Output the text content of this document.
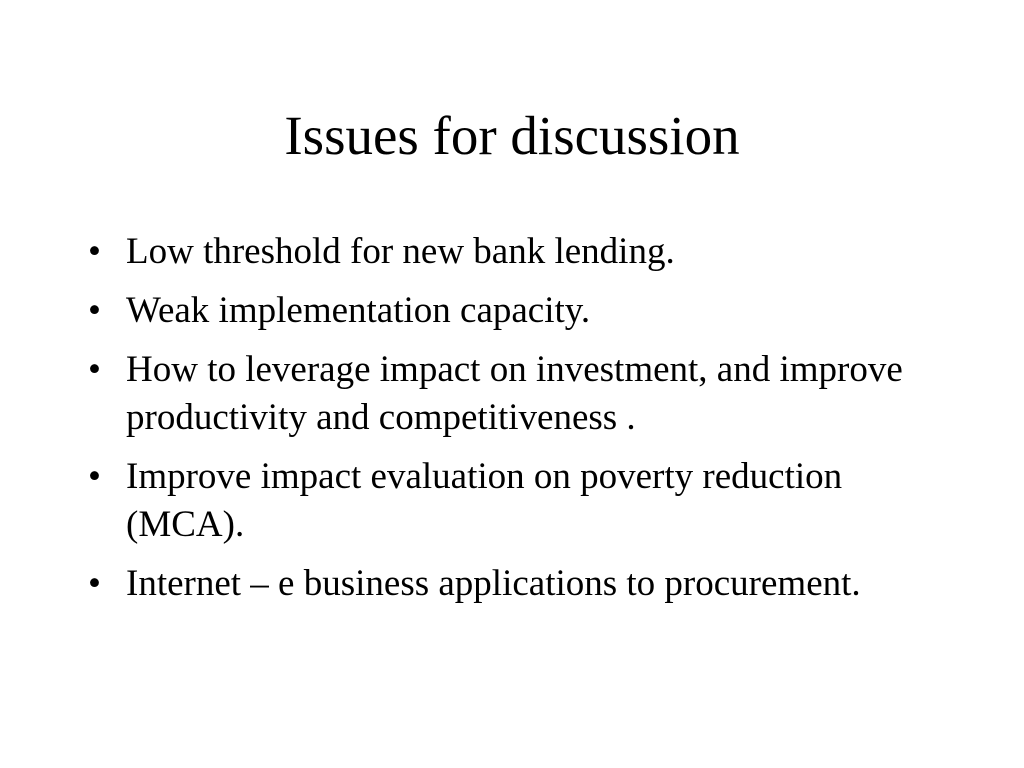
Issues for discussion
• Low threshold for new bank lending.
• Weak implementation capacity.
• How to leverage impact on investment, and improve productivity and competitiveness .
• Improve impact evaluation on poverty reduction (MCA).
• Internet – e business applications to procurement.
